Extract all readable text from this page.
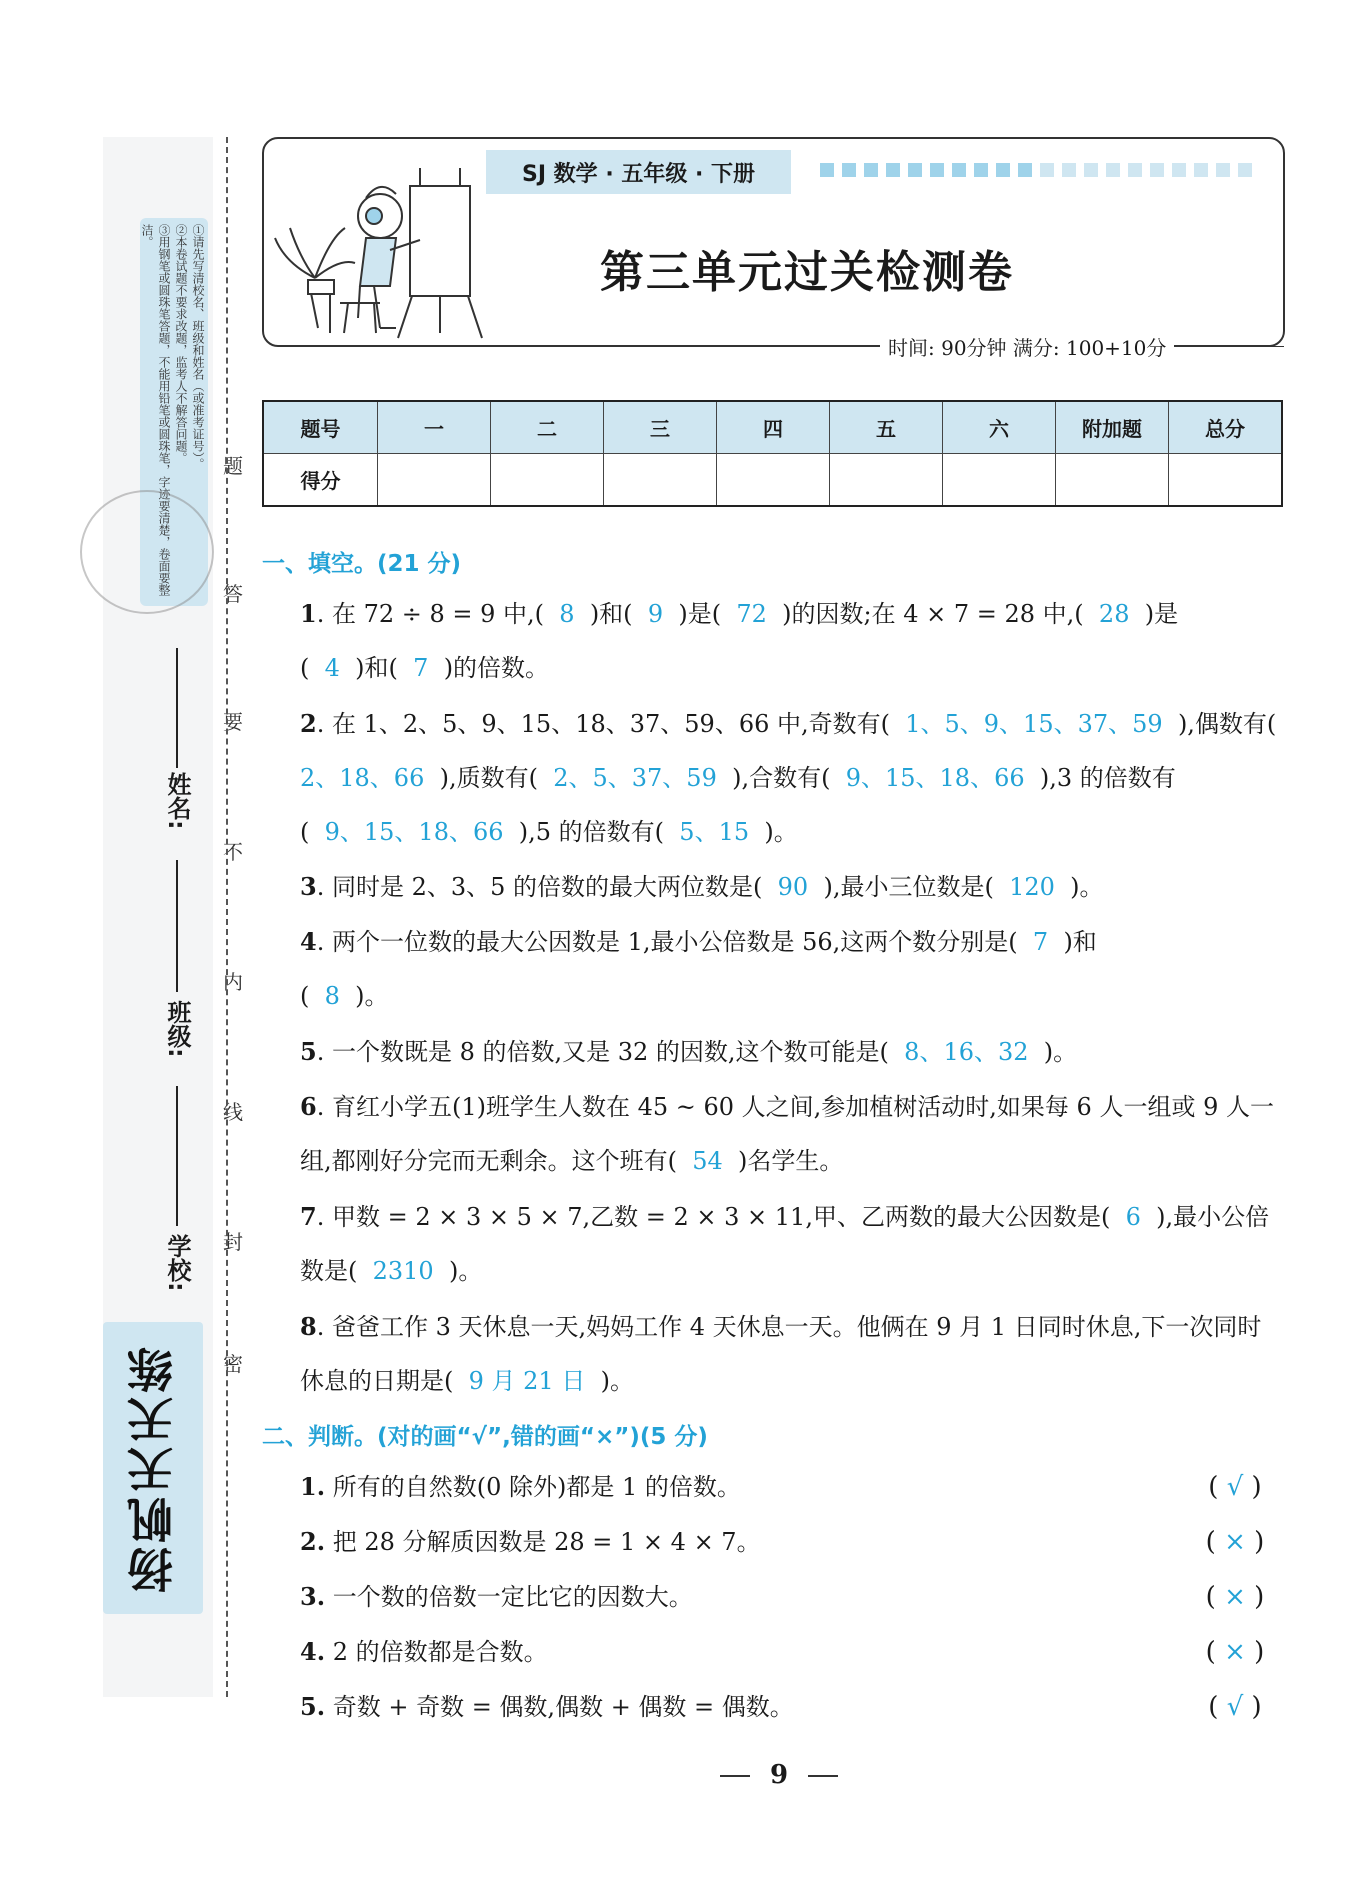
①请先写清校名、班级和姓名（或准考证号）。
②本卷试题不要求改题，监考人不解答问题。
③用钢笔或圆珠笔答题，不能用铅笔或圆珠笔，字迹要清楚，卷面要整洁。
姓名:
班级:
学校:
密
封
线
内
不
要
答
题
扬帆天天练
SJ 数学 · 五年级 · 下册
第三单元过关检测卷
时间: 90分钟 满分: 100+10分
题号	一	二	三	四	五	六	附加题	总分
得分								
一、填空。(21 分)
1. 在 72 ÷ 8 = 9 中,(  8  )和(  9  )是(  72  )的因数;在 4 × 7 = 28 中,(  28  )是
(  4  )和(  7  )的倍数。
2. 在 1、2、5、9、15、18、37、59、66 中,奇数有(  1、5、9、15、37、59  ),偶数有(  2、18、66  ),质数有(  2、5、37、59  ),合数有(  9、15、18、66  ),3 的倍数有
(  9、15、18、66  ),5 的倍数有(  5、15  )。
3. 同时是 2、3、5 的倍数的最大两位数是(  90  ),最小三位数是(  120  )。
4. 两个一位数的最大公因数是 1,最小公倍数是 56,这两个数分别是(  7  )和
(  8  )。
5. 一个数既是 8 的倍数,又是 32 的因数,这个数可能是(  8、16、32  )。
6. 育红小学五(1)班学生人数在 45 ~ 60 人之间,参加植树活动时,如果每 6 人一组或 9 人一组,都刚好分完而无剩余。这个班有(  54  )名学生。
7. 甲数 = 2 × 3 × 5 × 7,乙数 = 2 × 3 × 11,甲、乙两数的最大公因数是(  6  ),最小公倍数是(  2310  )。
8. 爸爸工作 3 天休息一天,妈妈工作 4 天休息一天。他俩在 9 月 1 日同时休息,下一次同时休息的日期是(  9 月 21 日  )。
二、判断。(对的画“√”,错的画“×”)(5 分)
1. 所有的自然数(0 除外)都是 1 的倍数。	( √ )
2. 把 28 分解质因数是 28 = 1 × 4 × 7。	( × )
3. 一个数的倍数一定比它的因数大。	( × )
4. 2 的倍数都是合数。	( × )
5. 奇数 + 奇数 = 偶数,偶数 + 偶数 = 偶数。	( √ )
9
